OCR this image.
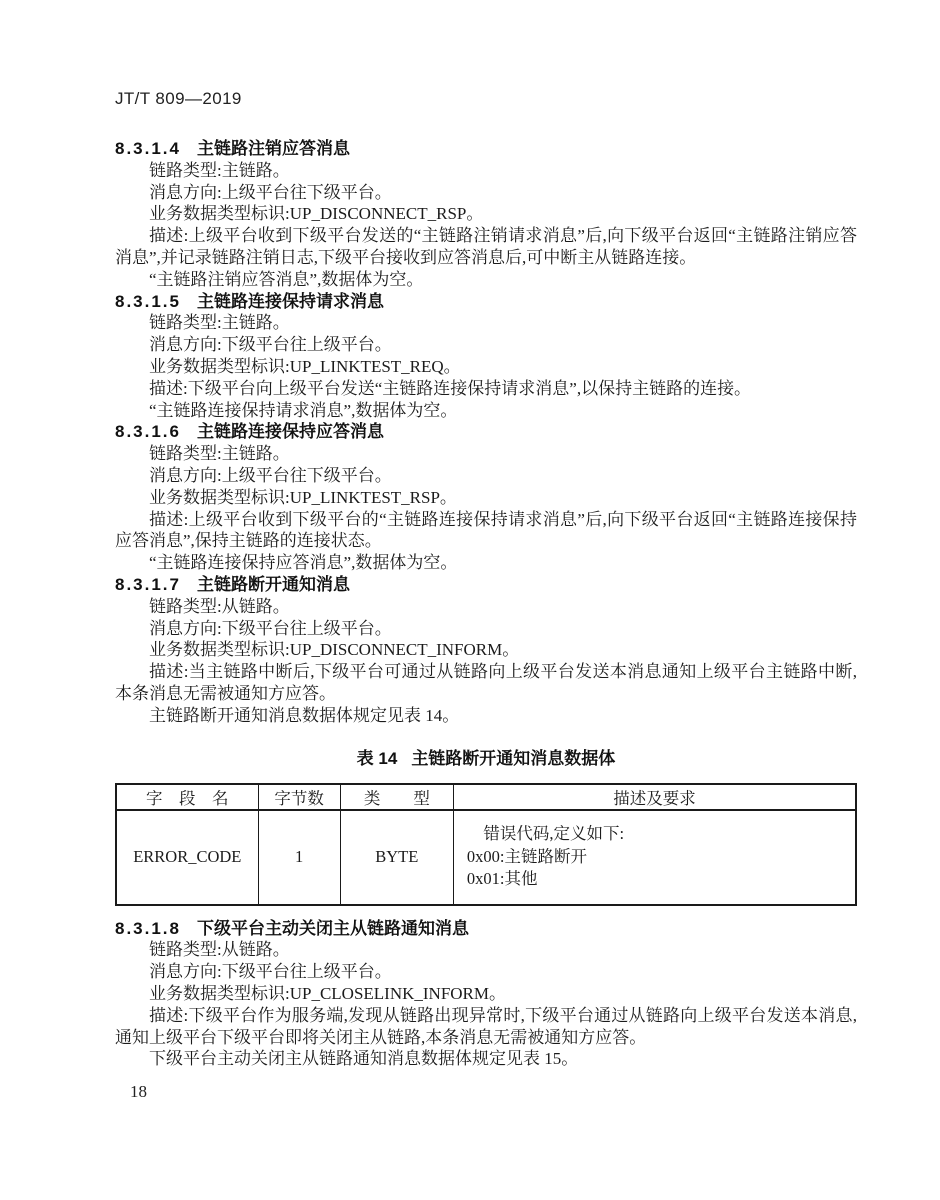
JT/T 809—2019
8.3.1.4 主链路注销应答消息

链路类型:主链路。

消息方向:上级平台往下级平台。

业务数据类型标识:UP_DISCONNECT_RSP。

描述:上级平台收到下级平台发送的“主链路注销请求消息”后,向下级平台返回“主链路注销应答消息”,并记录链路注销日志,下级平台接收到应答消息后,可中断主从链路连接。

“主链路注销应答消息”,数据体为空。

8.3.1.5 主链路连接保持请求消息

链路类型:主链路。

消息方向:下级平台往上级平台。

业务数据类型标识:UP_LINKTEST_REQ。

描述:下级平台向上级平台发送“主链路连接保持请求消息”,以保持主链路的连接。

“主链路连接保持请求消息”,数据体为空。

8.3.1.6 主链路连接保持应答消息

链路类型:主链路。

消息方向:上级平台往下级平台。

业务数据类型标识:UP_LINKTEST_RSP。

描述:上级平台收到下级平台的“主链路连接保持请求消息”后,向下级平台返回“主链路连接保持应答消息”,保持主链路的连接状态。

“主链路连接保持应答消息”,数据体为空。

8.3.1.7 主链路断开通知消息

链路类型:从链路。

消息方向:下级平台往上级平台。

业务数据类型标识:UP_DISCONNECT_INFORM。

描述:当主链路中断后,下级平台可通过从链路向上级平台发送本消息通知上级平台主链路中断,本条消息无需被通知方应答。

主链路断开通知消息数据体规定见表 14。

表 14 主链路断开通知消息数据体
字　段　名	字节数	类　　型	描述及要求
ERROR_CODE	1	BYTE	错误代码,定义如下:
0x00:主链路断开
0x01:其他
8.3.1.8 下级平台主动关闭主从链路通知消息

链路类型:从链路。

消息方向:下级平台往上级平台。

业务数据类型标识:UP_CLOSELINK_INFORM。

描述:下级平台作为服务端,发现从链路出现异常时,下级平台通过从链路向上级平台发送本消息,通知上级平台下级平台即将关闭主从链路,本条消息无需被通知方应答。

下级平台主动关闭主从链路通知消息数据体规定见表 15。

18
